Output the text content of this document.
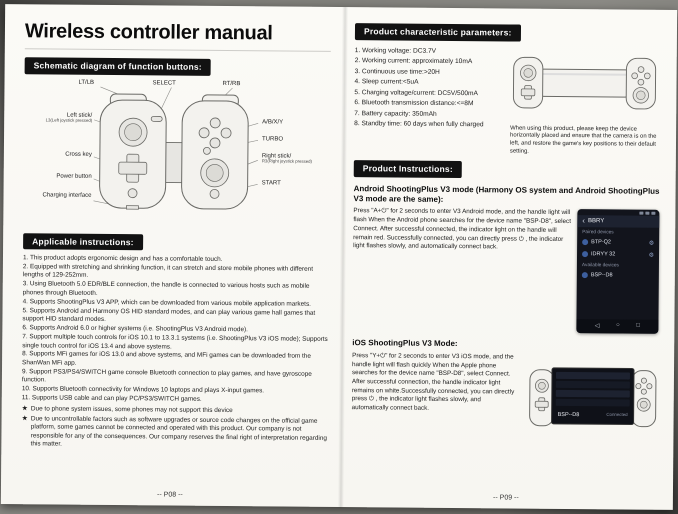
Wireless controller manual
Schematic diagram of function buttons:
LT/LB	SELECT	RT/RB
Left stick/
L3(Left joystick pressed)
Cross key
Power button
Charging interface
A/B/X/Y
TURBO
Right stick/
R3(Right joystick pressed)
START
Applicable instructions:
1. This product adopts ergonomic design and has a comfortable touch.
2. Equipped with stretching and shrinking function, it can stretch and store mobile phones with different lengths of 129-252mm.
3. Using Bluetooth 5.0 EDR/BLE connection, the handle is connected to various hosts such as mobile phones through Bluetooth.
4. Supports ShootingPlus V3 APP, which can be downloaded from various mobile application markets.
5. Supports Android and Harmony OS HID standard modes, and can play various game hall games that support HID standard modes.
6. Supports Android 6.0 or higher systems (i.e. ShootingPlus V3 Android mode).
7. Support multiple touch controls for iOS 10.1 to 13.3.1 systems (i.e. ShootingPlus V3 iOS mode); Supports single touch control for iOS 13.4 and above systems.
8. Supports MFi games for iOS 13.0 and above systems, and MFi games can be downloaded from the ShanWan MFi app.
9. Support PS3/PS4/SWITCH game console Bluetooth connection to play games, and have gyroscope function.
10. Supports Bluetooth connectivity for Windows 10 laptops and plays X-input games.
11. Supports USB cable and can play PC/PS3/SWITCH games.
★ Due to phone system issues, some phones may not support this device
★ Due to uncontrollable factors such as software upgrades or source code changes on the official game platform, some games cannot be connected and operated with this product. Our company is not responsible for any of the consequences. Our company reserves the final right of interpretation regarding this matter.
-- P08 --
Product characteristic parameters:
1. Working voltage: DC3.7V
2. Working current: approximately 10mA
3. Continuous use time:>20H
4. Sleep current:<5uA
5. Charging voltage/current: DC5V/500mA
6. Bluetooth transmission distance:<=8M
7. Battery capacity: 350mAh
8. Standby time: 60 days when fully charged	When using this product, please keep the device horizontally placed and ensure that the camera is on the left, and restore the game's key positions to their default setting.
Product Instructions:
Android ShootingPlus V3 mode (Harmony OS system and Android ShootingPlus V3 mode are the same):
Press "A+⏻" for 2 seconds to enter V3 Android mode, and the handle light will flash When the Android phone searches for the device name "BSP-D8", select Connect. After successful connected, the indicator light on the handle will remain red. Successfully connected, you can directly press ⏻ , the indicator light flashes slowly, and automatically connect back.
‹ BBRY
Paired devices
BTP-Q2	⚙
IDRYY 32	⚙
Available devices
BSP--D8
◁	○	□
iOS ShootingPlus V3 Mode:
Press "Y+⏻" for 2 seconds to enter V3 iOS mode, and the handle light will flash quickly When the Apple phone searches for the device name "BSP-D8", select Connect. After successful connection, the handle indicator light remains on white.Successfully connected, you can directly press ⏻ , the indicator light flashes slowly, and automatically connect back.
BSP--D8	Connected
-- P09 --
